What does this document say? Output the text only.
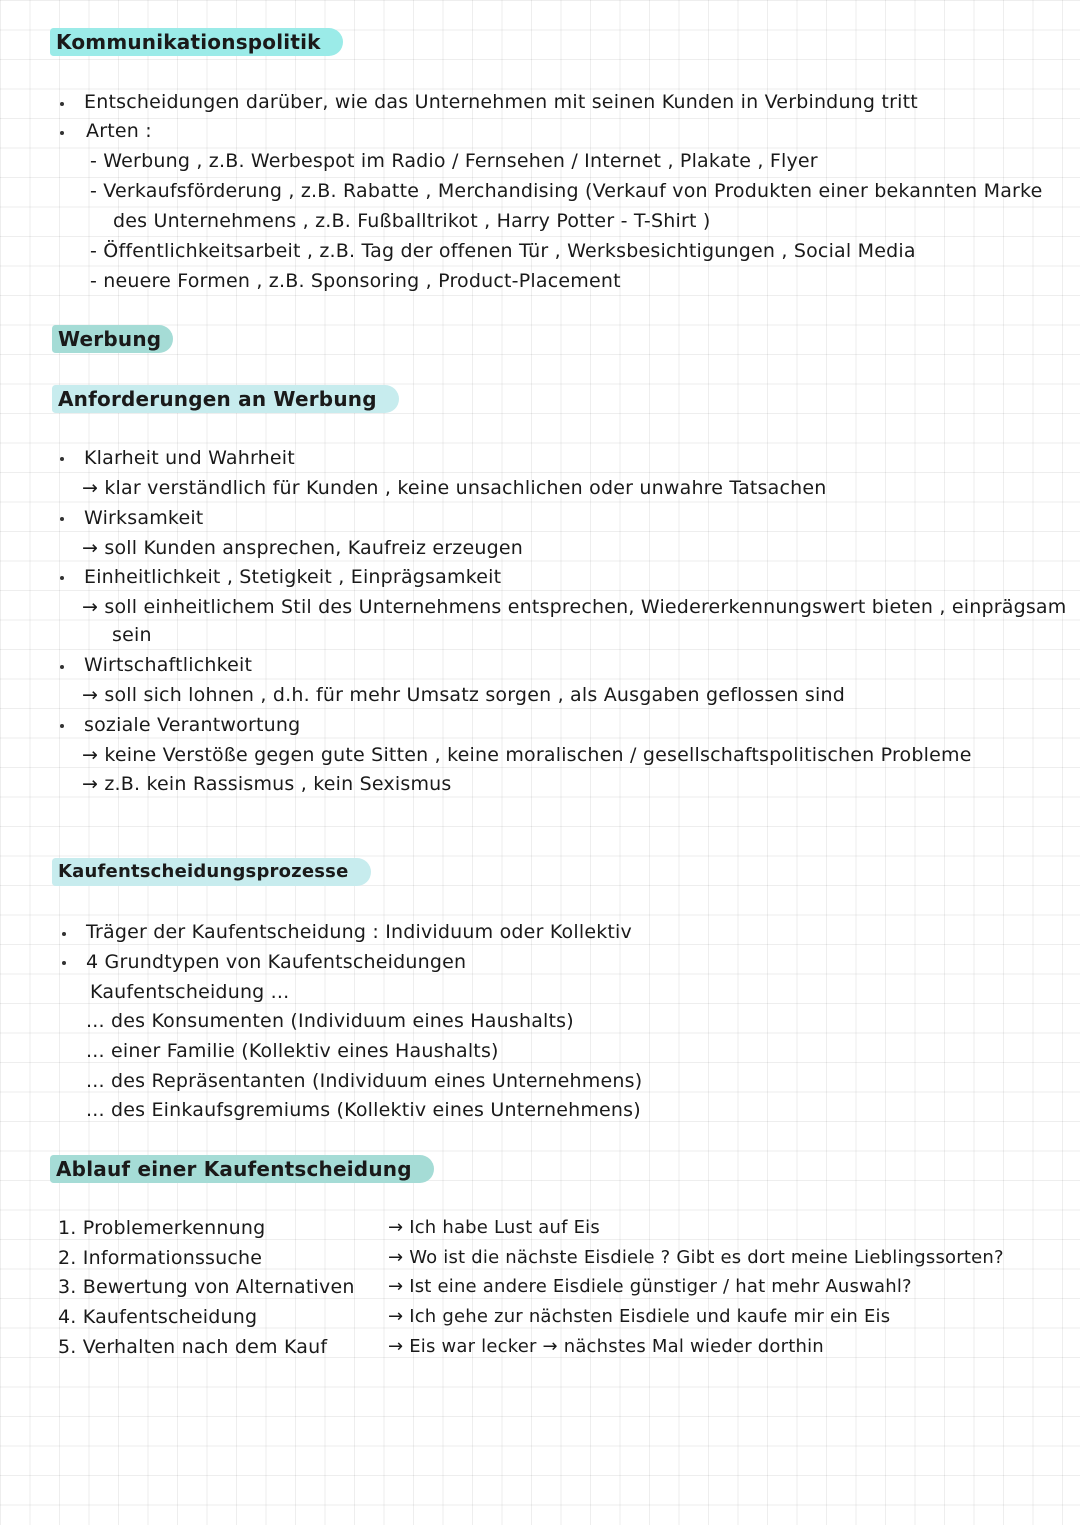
Kommunikationspolitik
Entscheidungen darüber, wie das Unternehmen mit seinen Kunden in Verbindung tritt
Arten :
- Werbung , z.B. Werbespot im Radio / Fernsehen / Internet , Plakate , Flyer
- Verkaufsförderung , z.B. Rabatte , Merchandising (Verkauf von Produkten einer bekannten Marke
des Unternehmens , z.B. Fußballtrikot , Harry Potter - T-Shirt )
- Öffentlichkeitsarbeit , z.B. Tag der offenen Tür , Werksbesichtigungen , Social Media
- neuere Formen , z.B. Sponsoring , Product-Placement
Werbung
Anforderungen an Werbung
Klarheit und Wahrheit
→ klar verständlich für Kunden , keine unsachlichen oder unwahre Tatsachen
Wirksamkeit
→ soll Kunden ansprechen, Kaufreiz erzeugen
Einheitlichkeit , Stetigkeit , Einprägsamkeit
→ soll einheitlichem Stil des Unternehmens entsprechen, Wiedererkennungswert bieten , einprägsam
sein
Wirtschaftlichkeit
→ soll sich lohnen , d.h. für mehr Umsatz sorgen , als Ausgaben geflossen sind
soziale Verantwortung
→ keine Verstöße gegen gute Sitten , keine moralischen / gesellschaftspolitischen Probleme
→ z.B. kein Rassismus , kein Sexismus
Kaufentscheidungsprozesse
Träger der Kaufentscheidung : Individuum oder Kollektiv
4 Grundtypen von Kaufentscheidungen
Kaufentscheidung ...
... des Konsumenten (Individuum eines Haushalts)
... einer Familie (Kollektiv eines Haushalts)
... des Repräsentanten (Individuum eines Unternehmens)
... des Einkaufsgremiums (Kollektiv eines Unternehmens)
Ablauf einer Kaufentscheidung
1. Problemerkennung
2. Informationssuche
3. Bewertung von Alternativen
4. Kaufentscheidung
5. Verhalten nach dem Kauf
→ Ich habe Lust auf Eis
→ Wo ist die nächste Eisdiele ? Gibt es dort meine Lieblingssorten?
→ Ist eine andere Eisdiele günstiger / hat mehr Auswahl?
→ Ich gehe zur nächsten Eisdiele und kaufe mir ein Eis
→ Eis war lecker → nächstes Mal wieder dorthin
